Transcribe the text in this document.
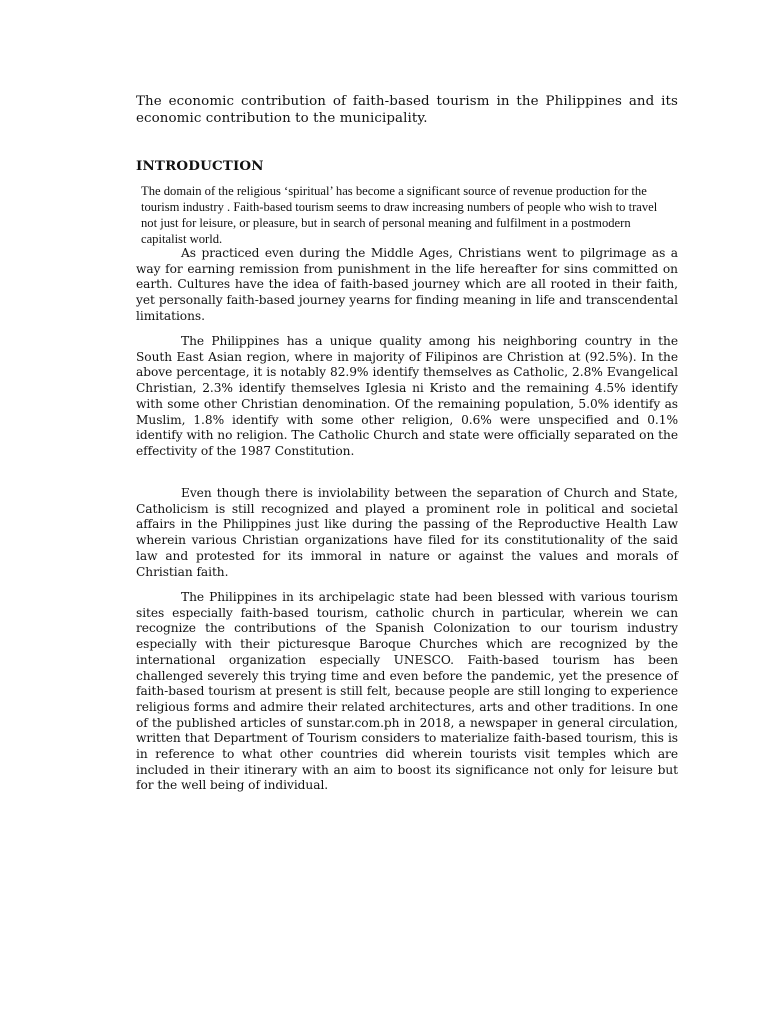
The economic contribution of faith-based tourism in the Philippines and its economic contribution to the municipality.

INTRODUCTION

The domain of the religious ‘spiritual’ has become a significant source of revenue production for the tourism industry . Faith-based tourism seems to draw increasing numbers of people who wish to travel not just for leisure, or pleasure, but in search of personal meaning and fulfilment in a postmodern capitalist world.

As practiced even during the Middle Ages, Christians went to pilgrimage as a way for earning remission from punishment in the life hereafter for sins committed on earth. Cultures have the idea of faith-based journey which are all rooted in their faith, yet personally faith-based journey yearns for finding meaning in life and transcendental limitations.

The Philippines has a unique quality among his neighboring country in the South East Asian region, where in majority of Filipinos are Christion at (92.5%). In the above percentage, it is notably 82.9% identify themselves as Catholic, 2.8% Evangelical Christian, 2.3% identify themselves Iglesia ni Kristo and the remaining 4.5% identify with some other Christian denomination. Of the remaining population, 5.0% identify as Muslim, 1.8% identify with some other religion, 0.6% were unspecified and 0.1% identify with no religion. The Catholic Church and state were officially separated on the effectivity of the 1987 Constitution.

Even though there is inviolability between the separation of Church and State, Catholicism is still recognized and played a prominent role in political and societal affairs in the Philippines just like during the passing of the Reproductive Health Law wherein various Christian organizations have filed for its constitutionality of the said law and protested for its immoral in nature or against the values and morals of Christian faith.

The Philippines in its archipelagic state had been blessed with various tourism sites especially faith-based tourism, catholic church in particular, wherein we can recognize the contributions of the Spanish Colonization to our tourism industry especially with their picturesque Baroque Churches which are recognized by the international organization especially UNESCO. Faith-based tourism has been challenged severely this trying time and even before the pandemic, yet the presence of faith-based tourism at present is still felt, because people are still longing to experience religious forms and admire their related architectures, arts and other traditions. In one of the published articles of sunstar.com.ph in 2018, a newspaper in general circulation, written that Department of Tourism considers to materialize faith-based tourism, this is in reference to what other countries did wherein tourists visit temples which are included in their itinerary with an aim to boost its significance not only for leisure but for the well being of individual.
